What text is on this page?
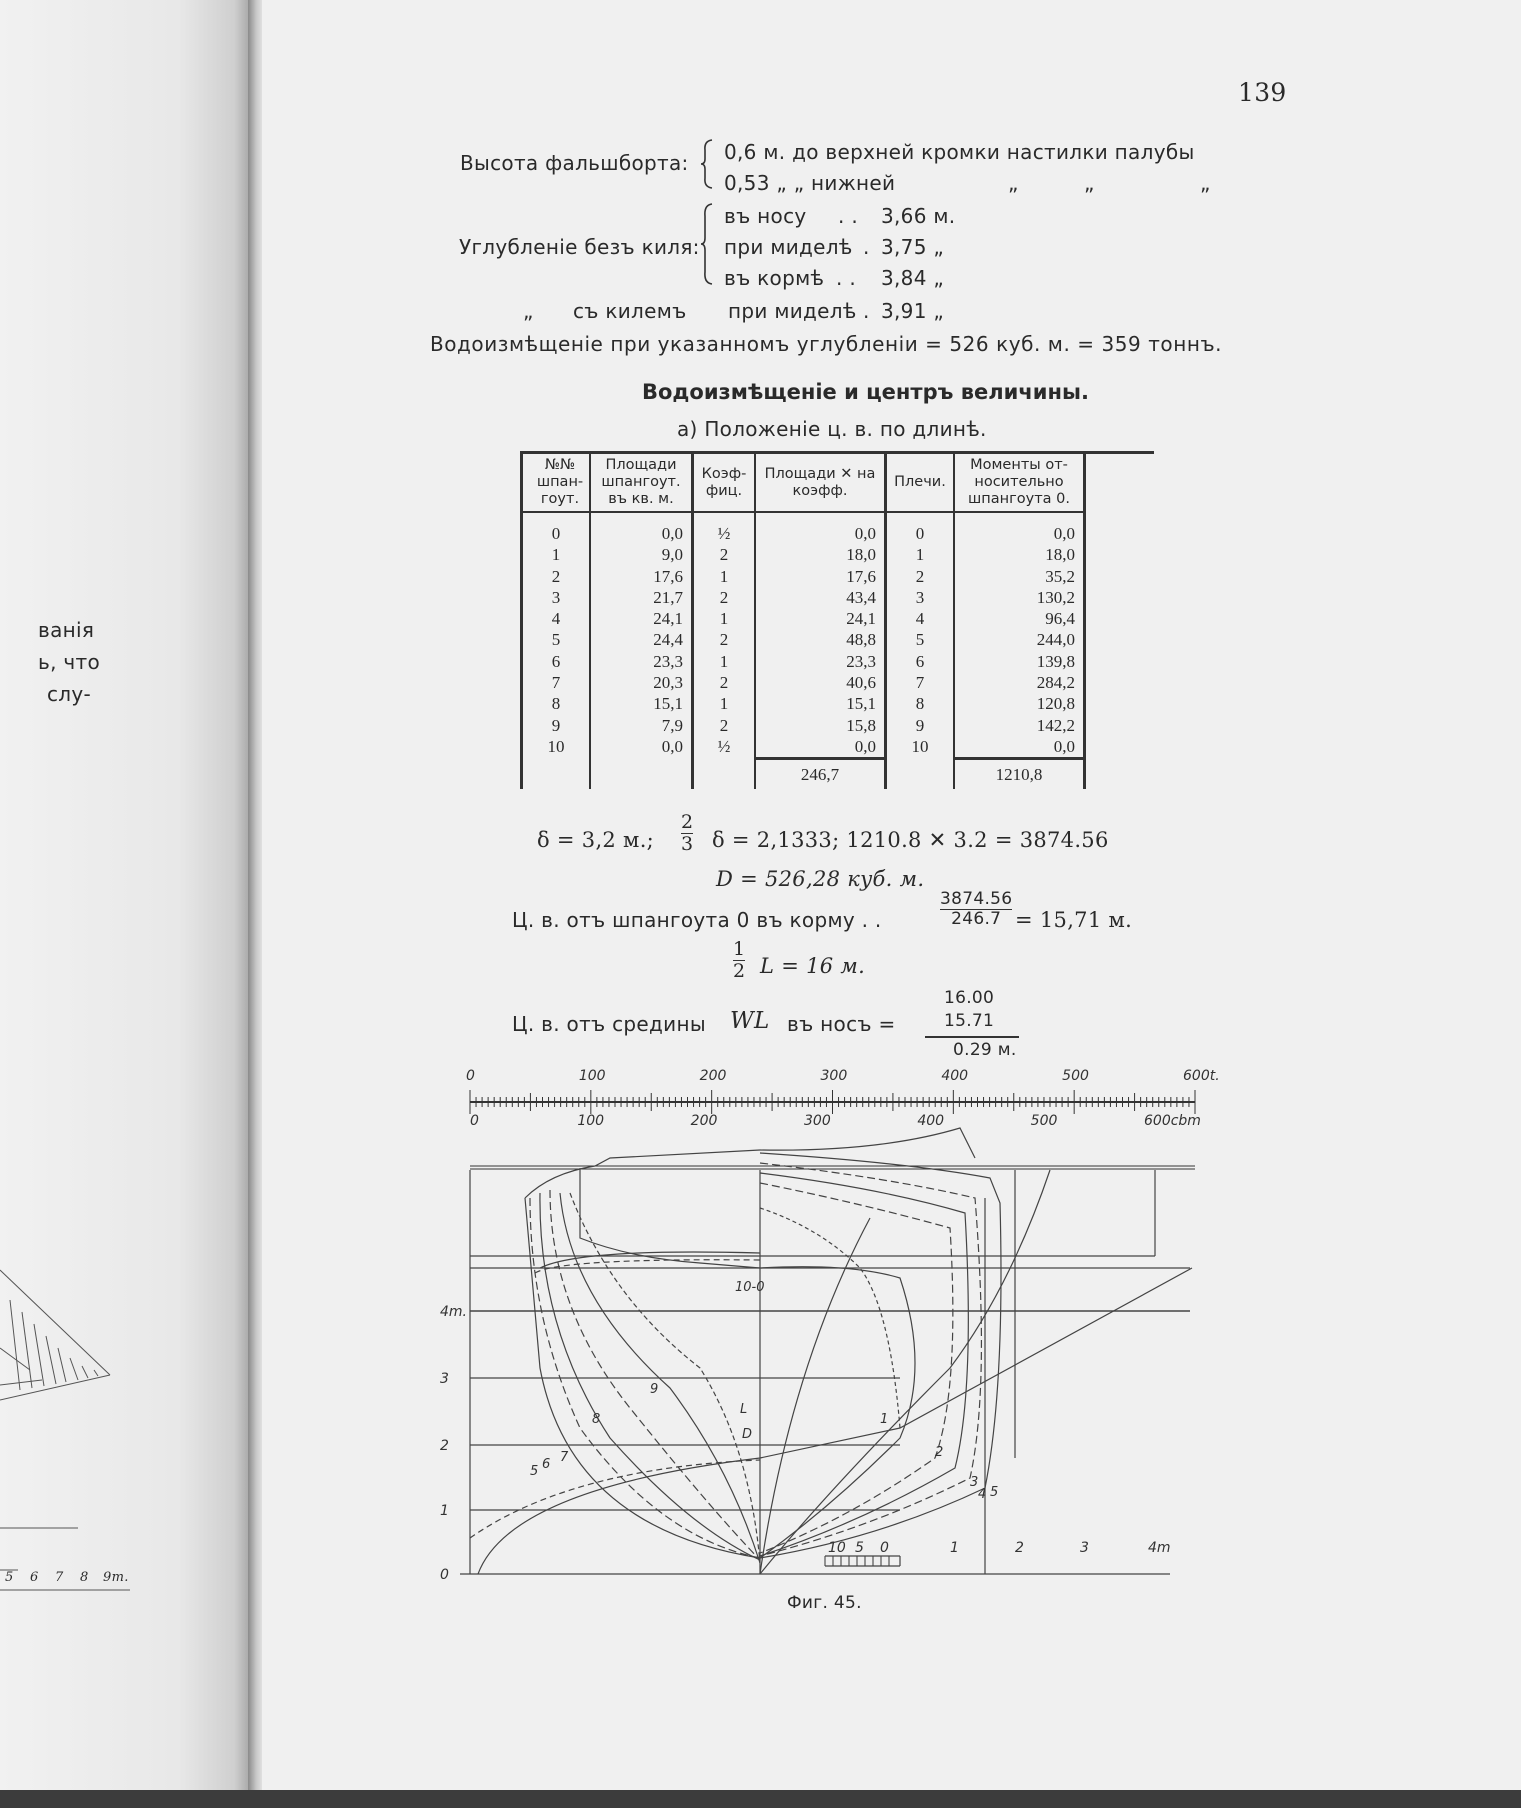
ванія
ь, что
слу-
5 6 7 8 9m.
139
Высота фальшборта: 0,6 м. до верхней кромки настилки палубы
0,53 „ „ нижней	„	„	„
Углубленіе безъ киля:
въ носу . . 3,66 м.
при миделѣ . 3,75 „
въ кормѣ . . 3,84 „
„ съ килемъ при миделѣ . 3,91 „
Водоизмѣщеніе при указанномъ углубленіи = 526 куб. м. = 359 тоннъ.
Водоизмѣщеніе и центръ величины.
а) Положеніе ц. в. по длинѣ.
№№ шпан-гоут.	Площади шпангоут. въ кв. м.	Коэф-фиц.	Площади ✕ на коэфф.	Плечи.	Моменты от-носительно шпангоута 0.	

0	0,0	½	0,0	0	0,0	
1	9,0	2	18,0	1	18,0	
2	17,6	1	17,6	2	35,2	
3	21,7	2	43,4	3	130,2	
4	24,1	1	24,1	4	96,4	
5	24,4	2	48,8	5	244,0	
6	23,3	1	23,3	6	139,8	
7	20,3	2	40,6	7	284,2	
8	15,1	1	15,1	8	120,8	
9	7,9	2	15,8	9	142,2	
10	0,0	½	0,0	10	0,0	
			246,7		1210,8	
δ = 3,2 м.; $\frac{2}{3}$ δ = 2,1333; 1210.8 ✕ 3.2 = 3874.56
D = 526,28 куб. м.
Ц. в. отъ шпангоута 0 въ корму . .	$\frac{3874.56}{246.7} = 15,71$ м.
$\frac{1}{2}$ L = 16 м.
Ц. в. отъ средины WL въ носъ =
16.00
15.71
0.29 м.
0	100	200	300	400	500	600t.
0	100	200	300	400	500	600cbm
0
1
2
3
4m.
10 5 0	1	2	3	4m
10-0
9
8
7
5 6
L
D
1
2
3
4 5
Фиг. 45.
